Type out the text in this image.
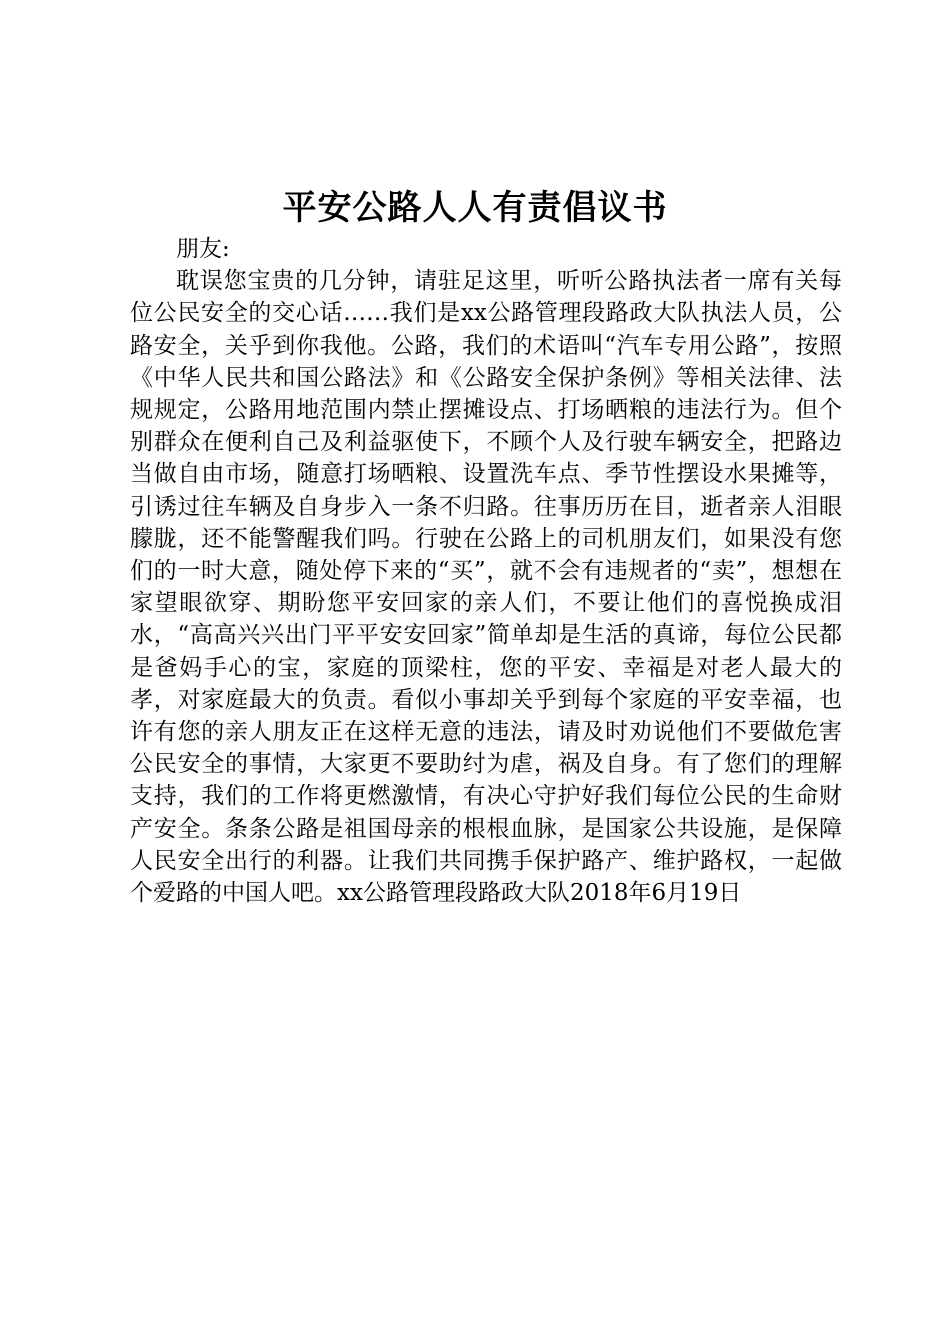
平安公路人人有责倡议书

朋友:

耽误您宝贵的几分钟，请驻足这里，听听公路执法者一席有关每位公民安全的交心话……我们是xx公路管理段路政大队执法人员，公路安全，关乎到你我他。公路，我们的术语叫“汽车专用公路”，按照《中华人民共和国公路法》和《公路安全保护条例》等相关法律、法规规定，公路用地范围内禁止摆摊设点、打场晒粮的违法行为。但个别群众在便利自己及利益驱使下，不顾个人及行驶车辆安全，把路边当做自由市场，随意打场晒粮、设置洗车点、季节性摆设水果摊等，引诱过往车辆及自身步入一条不归路。往事历历在目，逝者亲人泪眼朦胧，还不能警醒我们吗。行驶在公路上的司机朋友们，如果没有您们的一时大意，随处停下来的“买”，就不会有违规者的“卖”，想想在家望眼欲穿、期盼您平安回家的亲人们，不要让他们的喜悦换成泪水，“高高兴兴出门平平安安回家”简单却是生活的真谛，每位公民都是爸妈手心的宝，家庭的顶梁柱，您的平安、幸福是对老人最大的孝，对家庭最大的负责。看似小事却关乎到每个家庭的平安幸福，也许有您的亲人朋友正在这样无意的违法，请及时劝说他们不要做危害公民安全的事情，大家更不要助纣为虐，祸及自身。有了您们的理解支持，我们的工作将更燃激情，有决心守护好我们每位公民的生命财产安全。条条公路是祖国母亲的根根血脉，是国家公共设施，是保障人民安全出行的利器。让我们共同携手保护路产、维护路权，一起做个爱路的中国人吧。xx公路管理段路政大队2018年6月19日
